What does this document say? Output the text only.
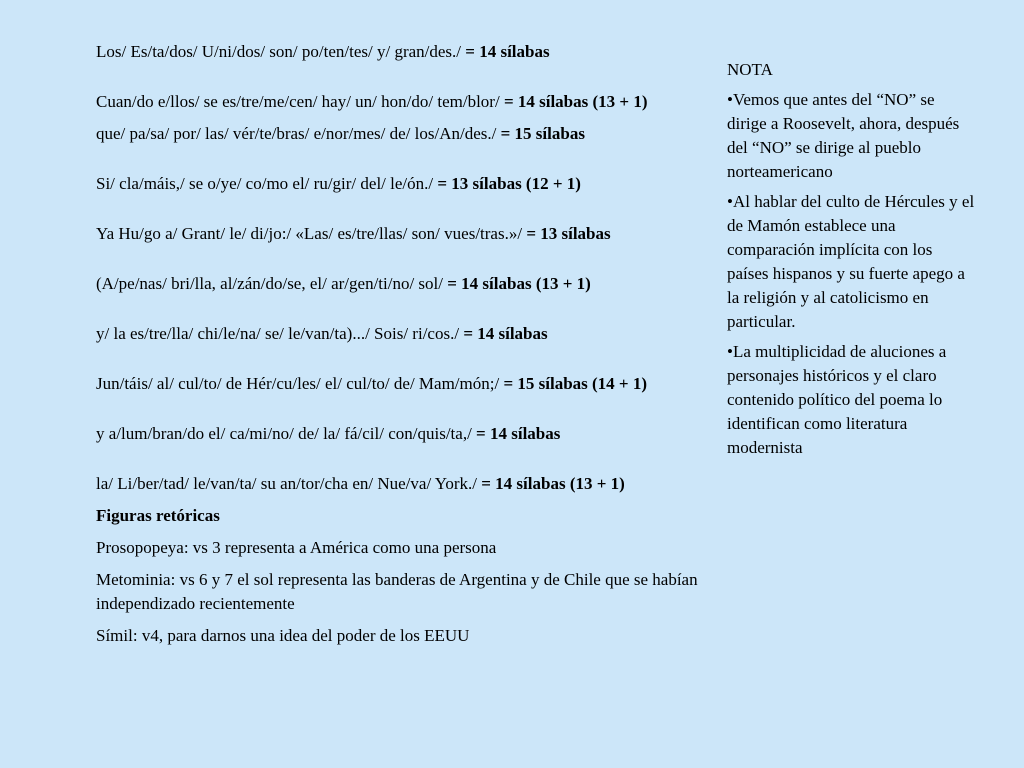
Los/ Es/ta/dos/ U/ni/dos/ son/ po/ten/tes/ y/ gran/des./ = 14 sílabas

Cuan/do e/llos/ se es/tre/me/cen/ hay/ un/ hon/do/ tem/blor/ = 14 sílabas (13 + 1)

que/ pa/sa/ por/ las/ vér/te/bras/ e/nor/mes/ de/ los/An/des./ = 15 sílabas

Si/ cla/máis,/ se o/ye/ co/mo el/ ru/gir/ del/ le/ón./ = 13 sílabas (12 + 1)

Ya Hu/go a/ Grant/ le/ di/jo:/ «Las/ es/tre/llas/ son/ vues/tras.»/ = 13 sílabas

(A/pe/nas/ bri/lla, al/zán/do/se, el/ ar/gen/ti/no/ sol/ = 14 sílabas (13 + 1)

y/ la es/tre/lla/ chi/le/na/ se/ le/van/ta).../ Sois/ ri/cos./ = 14 sílabas

Jun/táis/ al/ cul/to/ de Hér/cu/les/ el/ cul/to/ de/ Mam/món;/ = 15 sílabas (14 + 1)

y a/lum/bran/do el/ ca/mi/no/ de/ la/ fá/cil/ con/quis/ta,/ = 14 sílabas

la/ Li/ber/tad/ le/van/ta/ su an/tor/cha en/ Nue/va/ York./ = 14 sílabas (13 + 1)

Figuras retóricas

Prosopopeya: vs 3 representa a América como una persona

Metominia: vs 6 y 7 el sol representa las banderas de Argentina y de Chile que se habían independizado recientemente

Símil: v4, para darnos una idea del poder de los EEUU

NOTA

•Vemos que antes del “NO” se dirige a Roosevelt, ahora, después del “NO” se dirige al pueblo norteamericano

•Al hablar del culto de Hércules y el de Mamón establece una comparación implícita con los países hispanos y su fuerte apego a la religión y al catolicismo en particular.

•La multiplicidad de aluciones a personajes históricos y el claro contenido político del poema lo identifican como literatura modernista
